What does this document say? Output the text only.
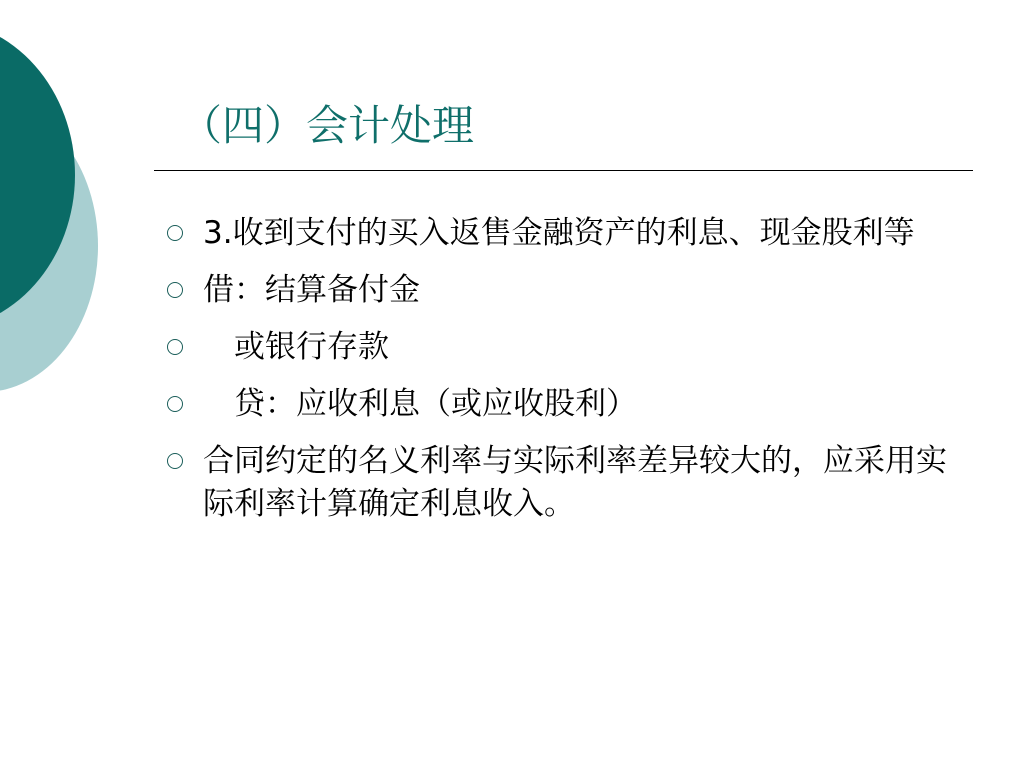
（四）会计处理
3.收到支付的买入返售金融资产的利息、现金股利等
借：结算备付金
　或银行存款
　贷：应收利息（或应收股利）
合同约定的名义利率与实际利率差异较大的，应采用实际利率计算确定利息收入。
